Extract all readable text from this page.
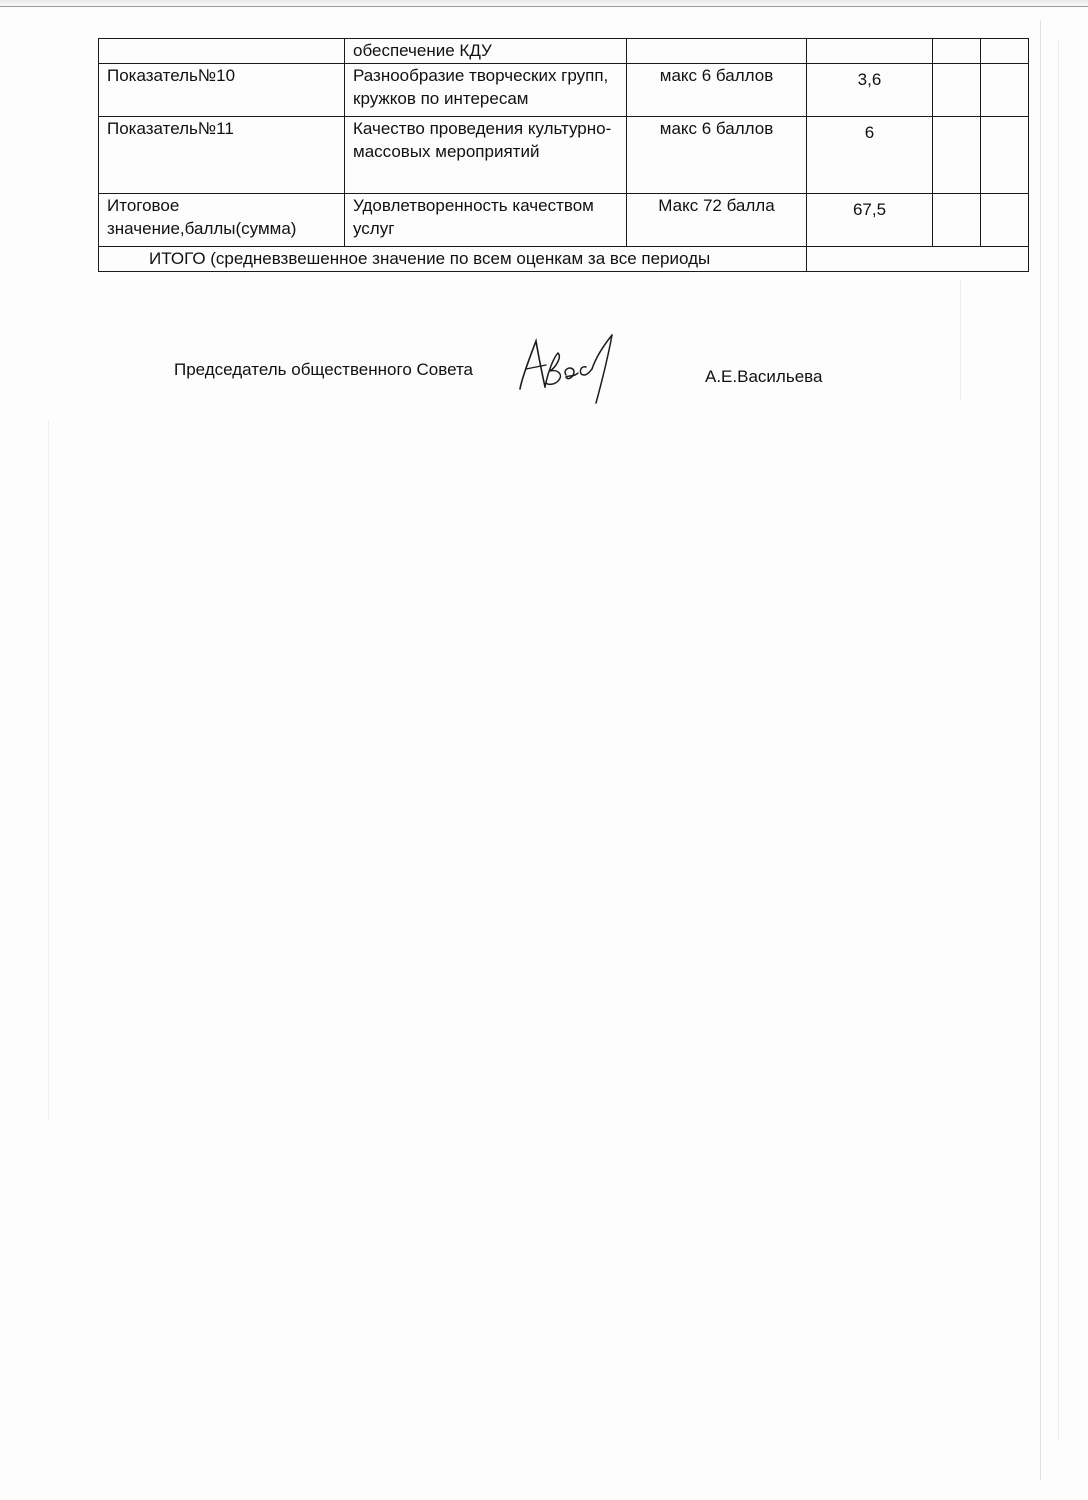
	обеспечение КДУ				
Показатель№10	Разнообразие творческих групп, кружков по интересам	макс 6 баллов	3,6		
Показатель№11	Качество проведения культурно-массовых мероприятий	макс 6 баллов	6		
Итоговое значение,баллы(сумма)	Удовлетворенность качеством услуг	Макс 72 балла	67,5		
ИТОГО (средневзвешенное значение по всем оценкам за все периоды					
Председатель общественного Совета	А.Е.Васильева
